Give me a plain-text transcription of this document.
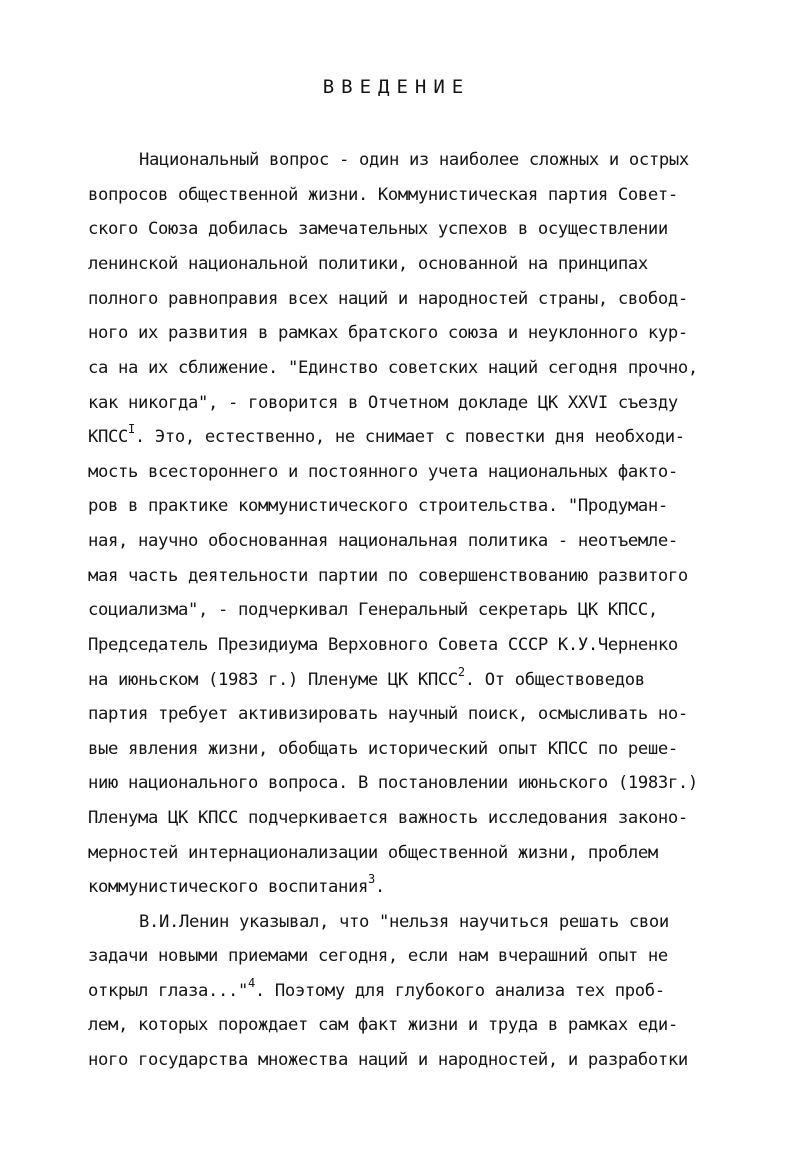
ВВЕДЕНИЕ
Национальный вопрос - один из наиболее сложных и острых
вопросов общественной жизни. Коммунистическая партия Совет-
ского Союза добилась замечательных успехов в осуществлении
ленинской национальной политики, основанной на принципах
полного равноправия всех наций и народностей страны, свобод-
ного их развития в рамках братского союза и неуклонного кур-
са на их сближение. "Единство советских наций сегодня прочно,
как никогда", - говорится в Отчетном докладе ЦК XXVI съезду
$КПСС^I$. Это, естественно, не снимает с повестки дня необходи-
мость всестороннего и постоянного учета национальных факто-
ров в практике коммунистического строительства. "Продуман-
ная, научно обоснованная национальная политика - неотъемле-
мая часть деятельности партии по совершенствованию развитого
социализма", - подчеркивал Генеральный секретарь ЦК КПСС,
Председатель Президиума Верховного Совета СССР К.У.Черненко
на июньском (1983 г.) Пленуме ЦК КПСС$^2$. От обществоведов
партия требует активизировать научный поиск, осмысливать но-
вые явления жизни, обобщать исторический опыт КПСС по реше-
нию национального вопроса. В постановлении июньского (1983г.)
Пленума ЦК КПСС подчеркивается важность исследования законо-
мерностей интернационализации общественной жизни, проблем
коммунистического воспитания$^3$.
В.И.Ленин указывал, что "нельзя научиться решать свои
задачи новыми приемами сегодня, если нам вчерашний опыт не
открыл глаза..."$^4$. Поэтому для глубокого анализа тех проб-
лем, которых порождает сам факт жизни и труда в рамках еди-
ного государства множества наций и народностей, и разработки
